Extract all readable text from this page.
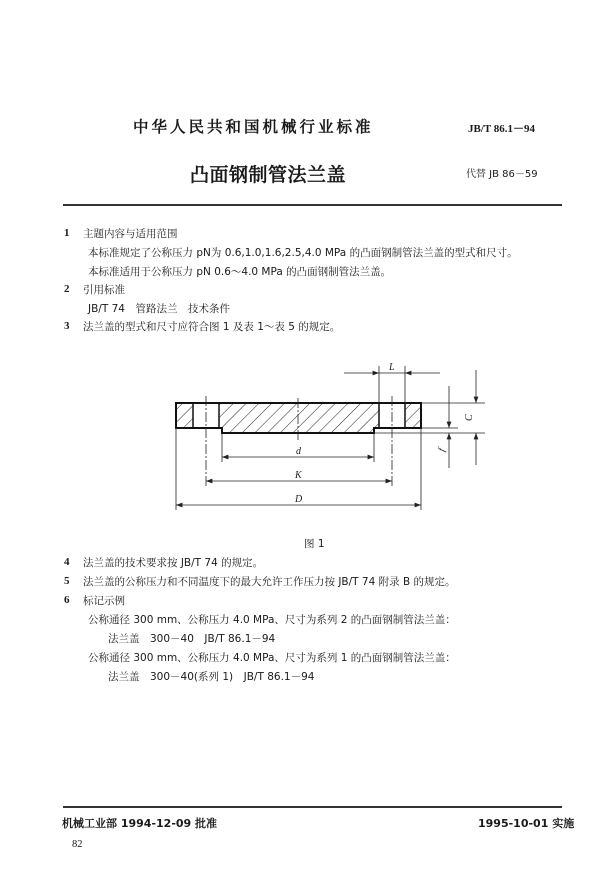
中华人民共和国机械行业标准	JB/T 86.1－94
凸面钢制管法兰盖	代替 JB 86－59
1 主题内容与适用范围
本标准规定了公称压力 pN为 0.6,1.0,1.6,2.5,4.0 MPa 的凸面钢制管法兰盖的型式和尺寸。
本标准适用于公称压力 pN 0.6～4.0 MPa 的凸面钢制管法兰盖。
2 引用标准
JB/T 74　管路法兰　技术条件
3 法兰盖的型式和尺寸应符合图 1 及表 1～表 5 的规定。
L
d
K
D
C
f
图 1
4 法兰盖的技术要求按 JB/T 74 的规定。
5 法兰盖的公称压力和不同温度下的最大允许工作压力按 JB/T 74 附录 B 的规定。
6 标记示例
公称通径 300 mm、公称压力 4.0 MPa、尺寸为系列 2 的凸面钢制管法兰盖：
法兰盖　300－40　JB/T 86.1－94
公称通径 300 mm、公称压力 4.0 MPa、尺寸为系列 1 的凸面钢制管法兰盖：
法兰盖　300－40(系列 1)　JB/T 86.1－94
机械工业部 1994-12-09 批准	1995-10-01 实施
82
